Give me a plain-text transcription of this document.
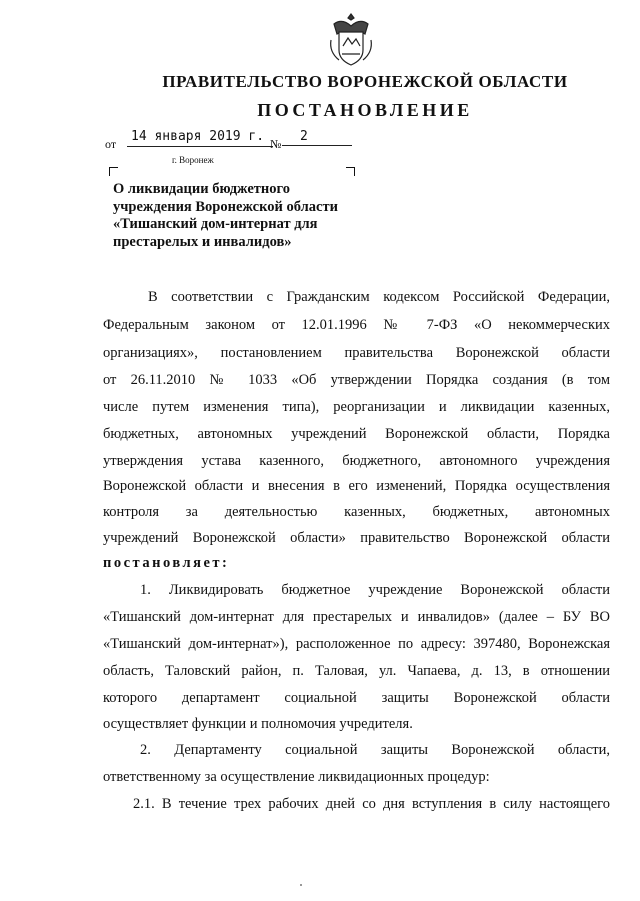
ПРАВИТЕЛЬСТВО ВОРОНЕЖСКОЙ ОБЛАСТИ
ПОСТАНОВЛЕНИЕ
от	14 января 2019 г. №	2
г. Воронеж
О ликвидации бюджетного
учреждения Воронежской области
«Тишанский дом-интернат для
престарелых и инвалидов»
В соответствии с Гражданским кодексом Российской Федерации,
Федеральным законом от 12.01.1996 № 7-ФЗ «О некоммерческих
организациях», постановлением правительства Воронежской области
от 26.11.2010 № 1033 «Об утверждении Порядка создания (в том
числе путем изменения типа), реорганизации и ликвидации казенных,
бюджетных, автономных учреждений Воронежской области, Порядка
утверждения устава казенного, бюджетного, автономного учреждения
Воронежской области и внесения в его изменений, Порядка осуществления
контроля за деятельностью казенных, бюджетных, автономных
учреждений Воронежской области» правительство Воронежской области
постановляет:
1. Ликвидировать бюджетное учреждение Воронежской области
«Тишанский дом-интернат для престарелых и инвалидов» (далее – БУ ВО
«Тишанский дом-интернат»), расположенное по адресу: 397480, Воронежская
область, Таловский район, п. Таловая, ул. Чапаева, д. 13, в отношении
которого департамент социальной защиты Воронежской области
осуществляет функции и полномочия учредителя.
2. Департаменту социальной защиты Воронежской области,
ответственному за осуществление ликвидационных процедур:
2.1. В течение трех рабочих дней со дня вступления в силу настоящего
